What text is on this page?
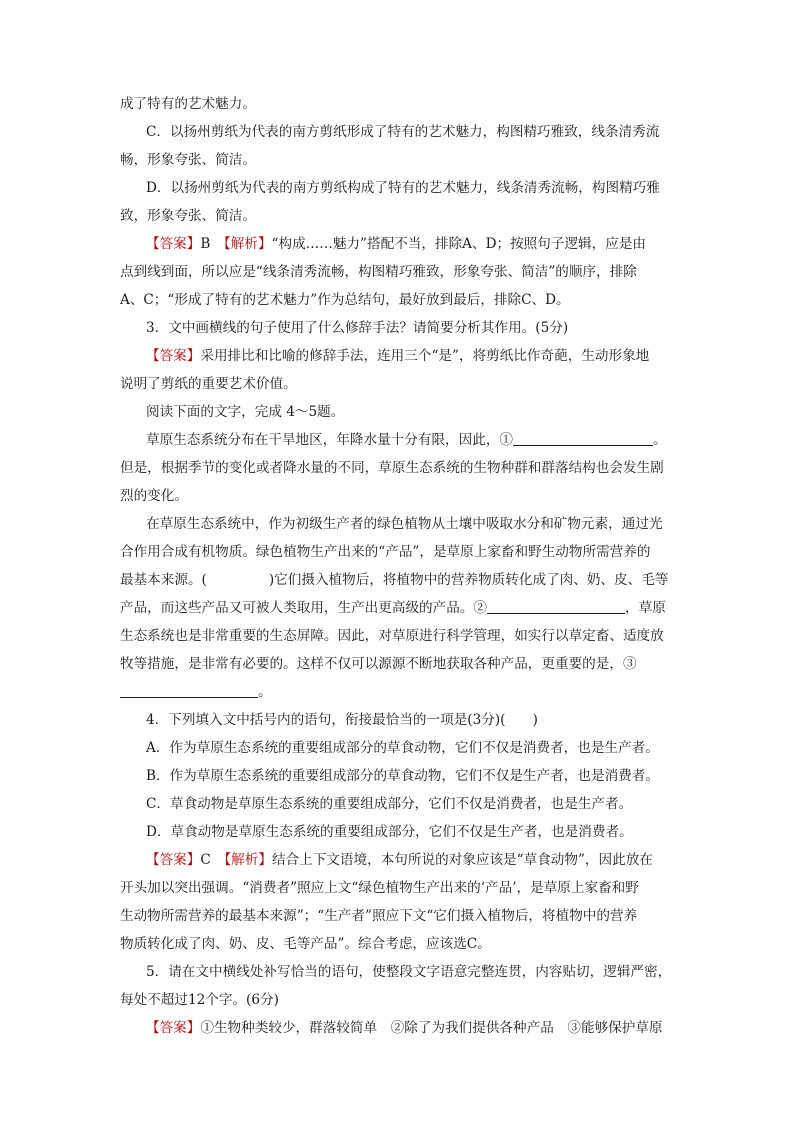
成了特有的艺术魅力。

C．以扬州剪纸为代表的南方剪纸形成了特有的艺术魅力，构图精巧雅致，线条清秀流

畅，形象夸张、简洁。

D．以扬州剪纸为代表的南方剪纸构成了特有的艺术魅力，线条清秀流畅，构图精巧雅

致，形象夸张、简洁。

【答案】B　【解析】“构成……魅力”搭配不当，排除A、D；按照句子逻辑，应是由

点到线到面，所以应是“线条清秀流畅，构图精巧雅致，形象夸张、简洁”的顺序，排除

A、C；“形成了特有的艺术魅力”作为总结句，最好放到最后，排除C、D。

3．文中画横线的句子使用了什么修辞手法？请简要分析其作用。(5分)

【答案】采用排比和比喻的修辞手法，连用三个“是”，将剪纸比作奇葩，生动形象地

说明了剪纸的重要艺术价值。

阅读下面的文字，完成 4～5题。

草原生态系统分布在干旱地区，年降水量十分有限，因此，①	。

但是，根据季节的变化或者降水量的不同，草原生态系统的生物种群和群落结构也会发生剧

烈的变化。

在草原生态系统中，作为初级生产者的绿色植物从土壤中吸取水分和矿物元素，通过光

合作用合成有机物质。绿色植物生产出来的“产品”，是草原上家畜和野生动物所需营养的

最基本来源。(	)它们摄入植物后，将植物中的营养物质转化成了肉、奶、皮、毛等

产品，而这些产品又可被人类取用，生产出更高级的产品。②	，草原

生态系统也是非常重要的生态屏障。因此，对草原进行科学管理，如实行以草定畜、适度放

牧等措施，是非常有必要的。这样不仅可以源源不断地获取各种产品，更重要的是，③

。

4．下列填入文中括号内的语句，衔接最恰当的一项是(3分)(　　)

A．作为草原生态系统的重要组成部分的草食动物，它们不仅是消费者，也是生产者。

B．作为草原生态系统的重要组成部分的草食动物，它们不仅是生产者，也是消费者。

C．草食动物是草原生态系统的重要组成部分，它们不仅是消费者，也是生产者。

D．草食动物是草原生态系统的重要组成部分，它们不仅是生产者，也是消费者。

【答案】C　【解析】结合上下文语境，本句所说的对象应该是“草食动物”，因此放在

开头加以突出强调。“消费者”照应上文“绿色植物生产出来的‘产品’，是草原上家畜和野

生动物所需营养的最基本来源”；“生产者”照应下文“它们摄入植物后，将植物中的营养

物质转化成了肉、奶、皮、毛等产品”。综合考虑，应该选C。

5．请在文中横线处补写恰当的语句，使整段文字语意完整连贯，内容贴切，逻辑严密，

每处不超过12个字。(6分)

【答案】①生物种类较少，群落较简单　②除了为我们提供各种产品　③能够保护草原
